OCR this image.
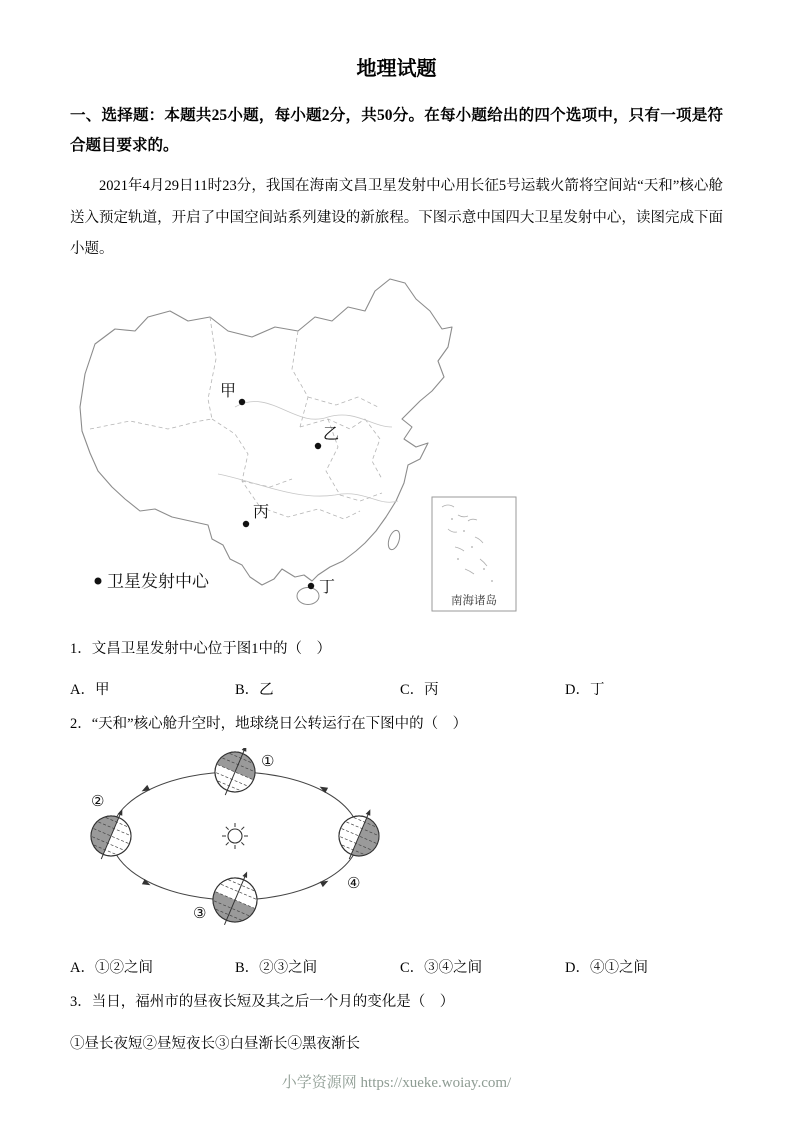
地理试题

一、选择题：本题共25小题，每小题2分，共50分。在每小题给出的四个选项中，只有一项是符合题目要求的。

2021年4月29日11时23分，我国在海南文昌卫星发射中心用长征5号运载火箭将空间站“天和”核心舱送入预定轨道，开启了中国空间站系列建设的新旅程。下图示意中国四大卫星发射中心，读图完成下面小题。

甲
乙
丙
丁
卫星发射中心
南海诸岛

1．文昌卫星发射中心位于图1中的（　）

A．甲	B．乙	C．丙	D．丁

2．“天和”核心舱升空时，地球绕日公转运行在下图中的（　）

①
②
③
④
A．①②之间	B．②③之间	C．③④之间	D．④①之间

3．当日，福州市的昼夜长短及其之后一个月的变化是（　）

①昼长夜短②昼短夜长③白昼渐长④黑夜渐长

小学资源网 https://xueke.woiay.com/
